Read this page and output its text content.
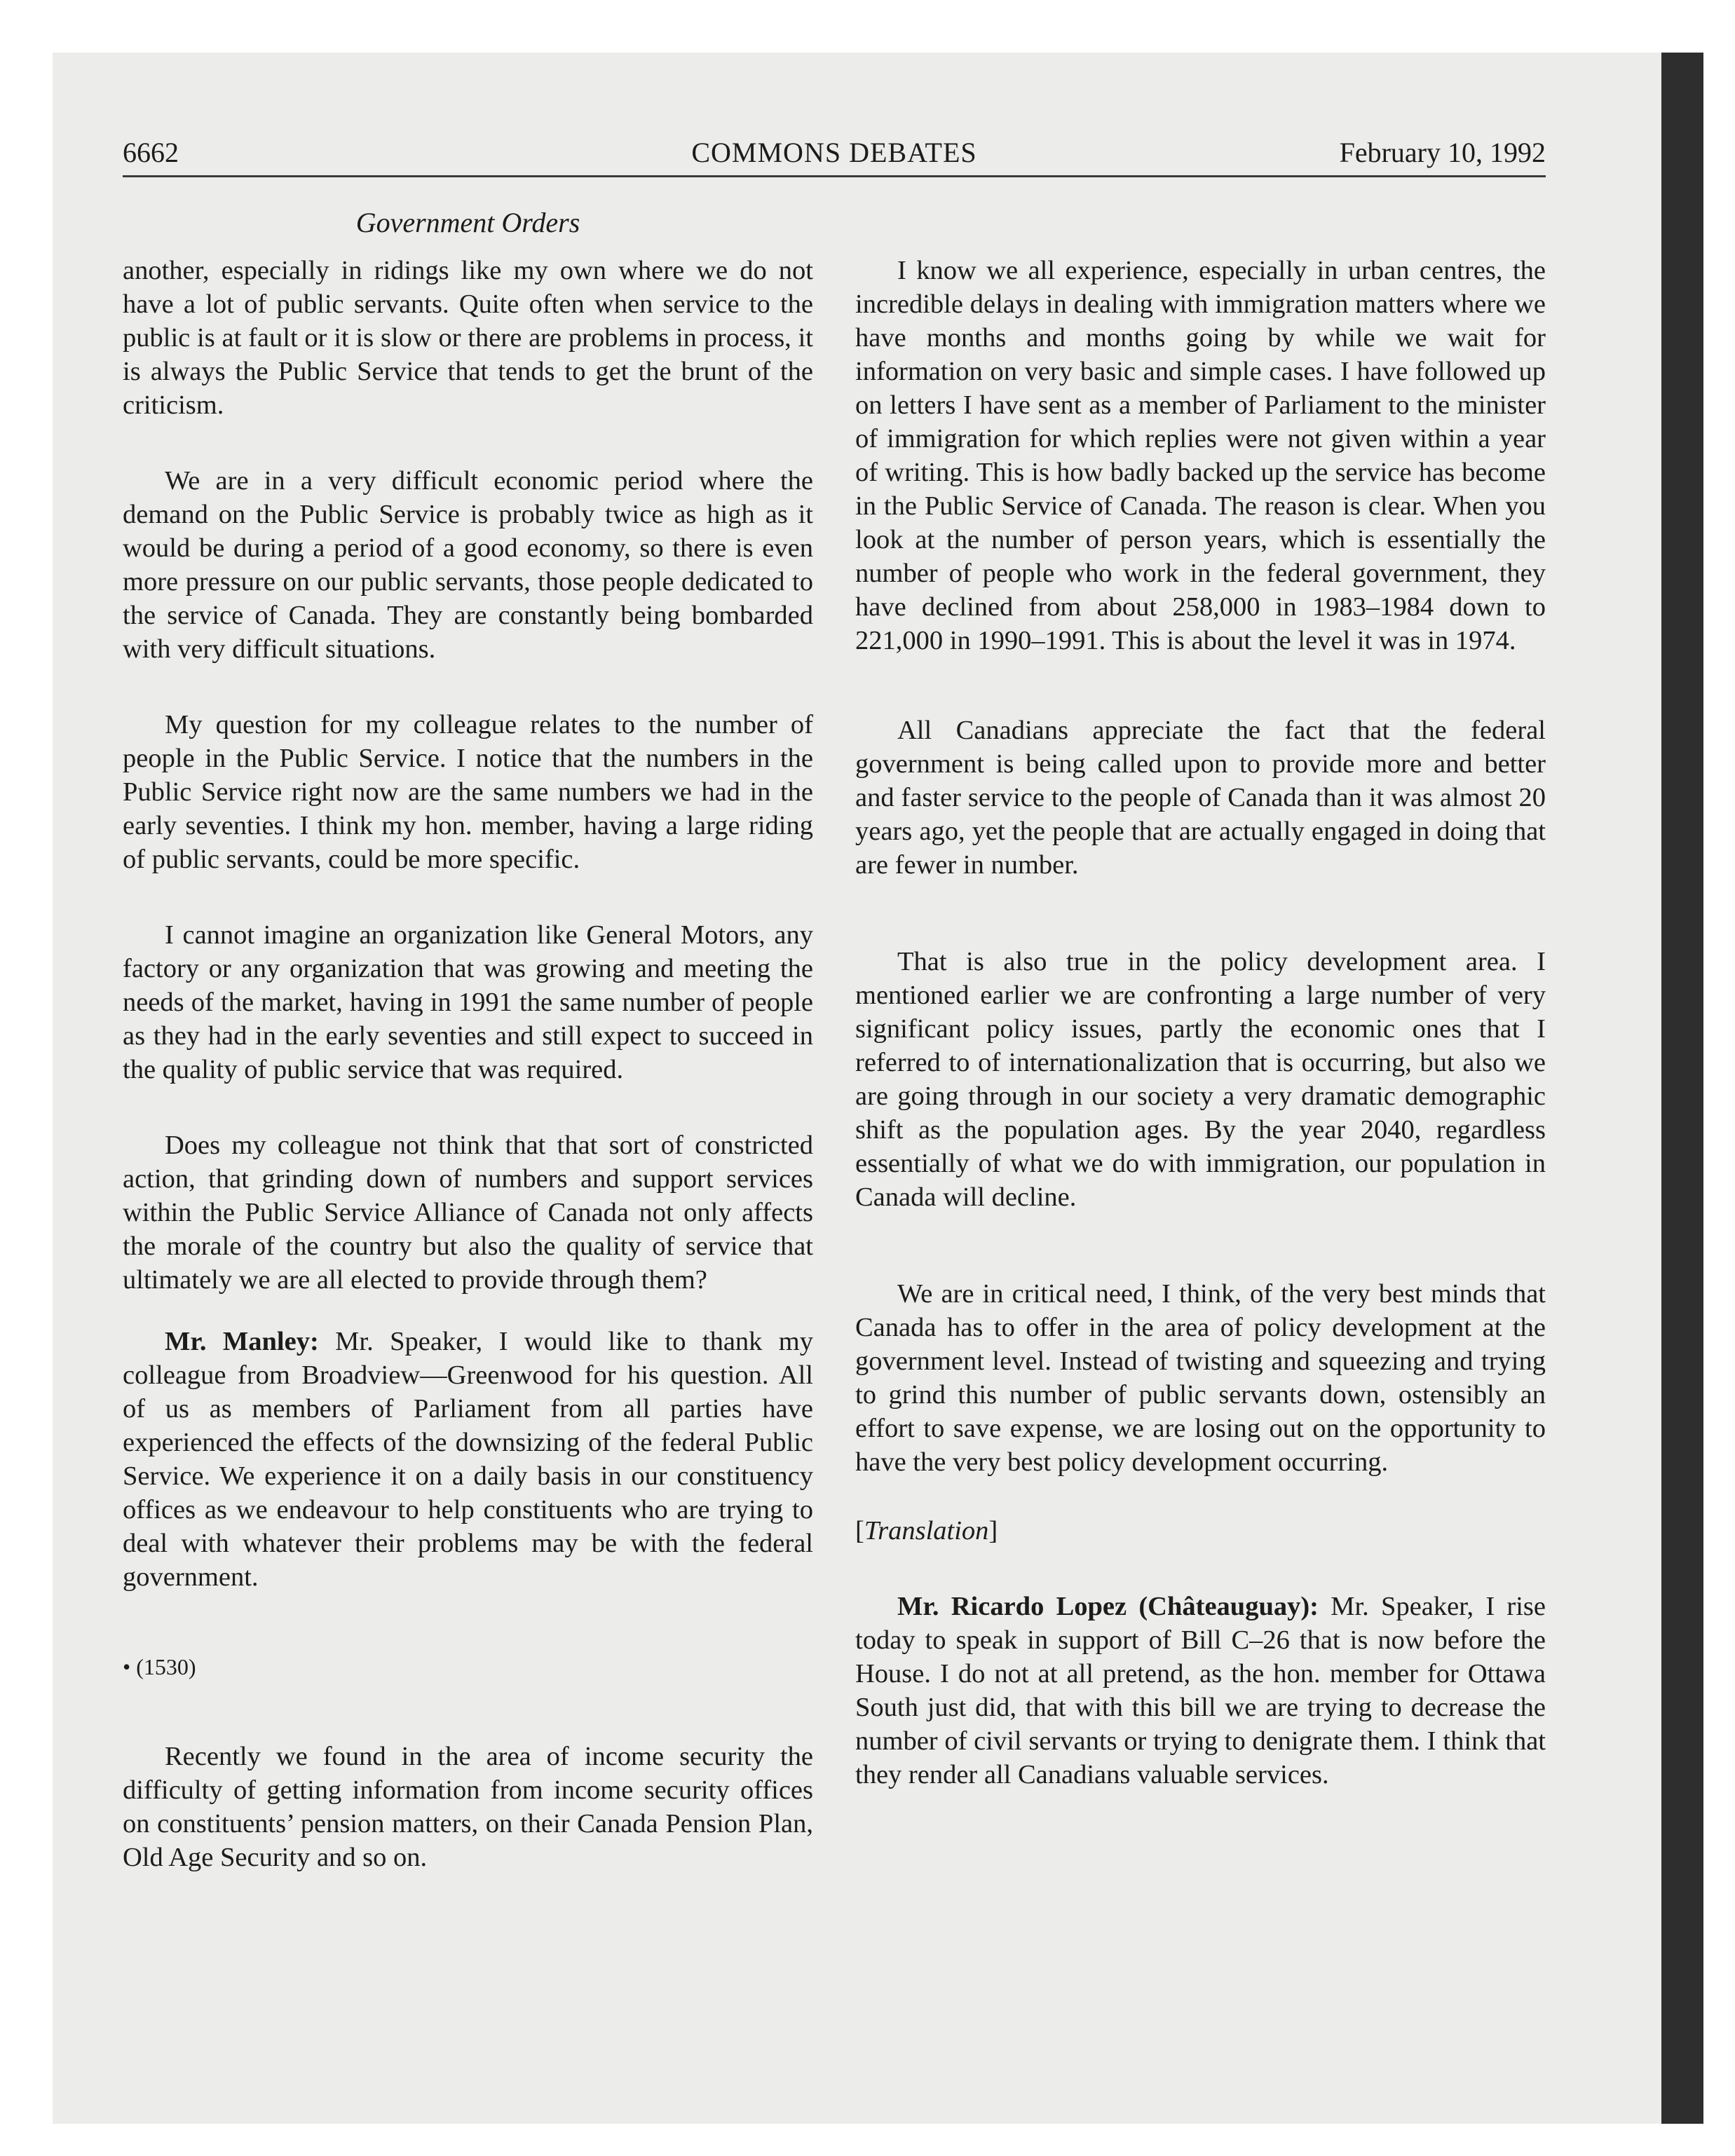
6662	COMMONS DEBATES	February 10, 1992
Government Orders

another, especially in ridings like my own where we do not have a lot of public servants. Quite often when service to the public is at fault or it is slow or there are problems in process, it is always the Public Service that tends to get the brunt of the criticism.

We are in a very difficult economic period where the demand on the Public Service is probably twice as high as it would be during a period of a good economy, so there is even more pressure on our public servants, those people dedicated to the service of Canada. They are constantly being bombarded with very difficult situations.

My question for my colleague relates to the number of people in the Public Service. I notice that the numbers in the Public Service right now are the same numbers we had in the early seventies. I think my hon. member, having a large riding of public servants, could be more specific.

I cannot imagine an organization like General Motors, any factory or any organization that was growing and meeting the needs of the market, having in 1991 the same number of people as they had in the early seventies and still expect to succeed in the quality of public service that was required.

Does my colleague not think that that sort of constricted action, that grinding down of numbers and support services within the Public Service Alliance of Canada not only affects the morale of the country but also the quality of service that ultimately we are all elected to provide through them?

Mr. Manley: Mr. Speaker, I would like to thank my colleague from Broadview—Greenwood for his question. All of us as members of Parliament from all parties have experienced the effects of the downsizing of the federal Public Service. We experience it on a daily basis in our constituency offices as we endeavour to help constituents who are trying to deal with whatever their problems may be with the federal government.

• (1530)

Recently we found in the area of income security the difficulty of getting information from income security offices on constituents’ pension matters, on their Canada Pension Plan, Old Age Security and so on.

I know we all experience, especially in urban centres, the incredible delays in dealing with immigration matters where we have months and months going by while we wait for information on very basic and simple cases. I have followed up on letters I have sent as a member of Parliament to the minister of immigration for which replies were not given within a year of writing. This is how badly backed up the service has become in the Public Service of Canada. The reason is clear. When you look at the number of person years, which is essentially the number of people who work in the federal government, they have declined from about 258,000 in 1983–1984 down to 221,000 in 1990–1991. This is about the level it was in 1974.

All Canadians appreciate the fact that the federal government is being called upon to provide more and better and faster service to the people of Canada than it was almost 20 years ago, yet the people that are actually engaged in doing that are fewer in number.

That is also true in the policy development area. I mentioned earlier we are confronting a large number of very significant policy issues, partly the economic ones that I referred to of internationalization that is occurring, but also we are going through in our society a very dramatic demographic shift as the population ages. By the year 2040, regardless essentially of what we do with immigration, our population in Canada will decline.

We are in critical need, I think, of the very best minds that Canada has to offer in the area of policy development at the government level. Instead of twisting and squeezing and trying to grind this number of public servants down, ostensibly an effort to save expense, we are losing out on the opportunity to have the very best policy development occurring.

[Translation]

Mr. Ricardo Lopez (Châteauguay): Mr. Speaker, I rise today to speak in support of Bill C–26 that is now before the House. I do not at all pretend, as the hon. member for Ottawa South just did, that with this bill we are trying to decrease the number of civil servants or trying to denigrate them. I think that they render all Canadians valuable services.
